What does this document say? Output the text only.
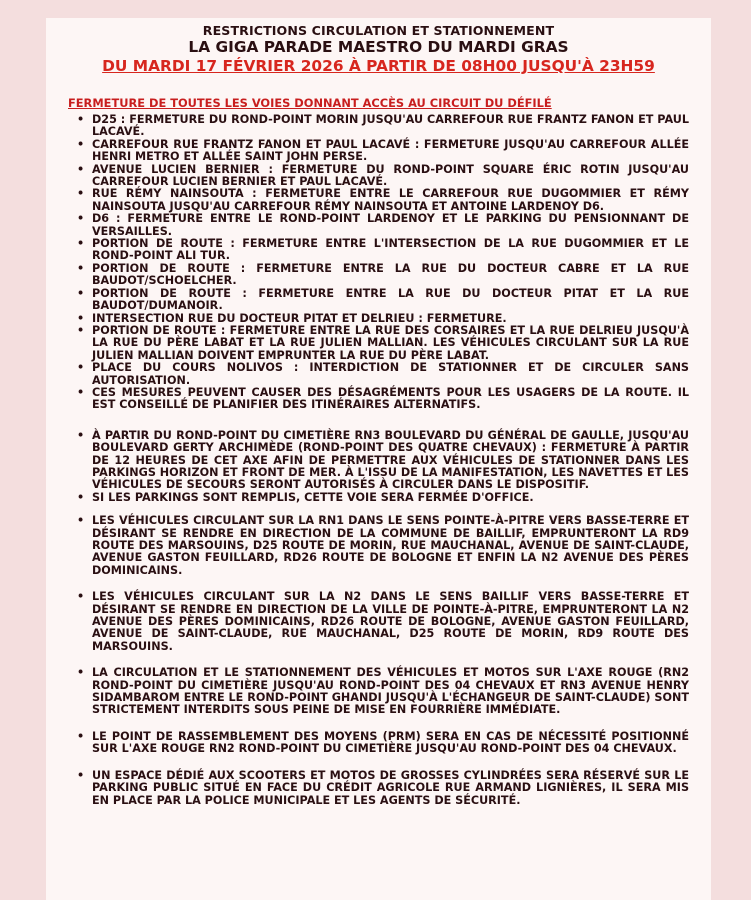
RESTRICTIONS CIRCULATION ET STATIONNEMENT
LA GIGA PARADE MAESTRO DU MARDI GRAS
DU MARDI 17 FÉVRIER 2026 À PARTIR DE 08H00 JUSQU'À 23H59
FERMETURE DE TOUTES LES VOIES DONNANT ACCÈS AU CIRCUIT DU DÉFILÉ
• D25 : FERMETURE DU ROND-POINT MORIN JUSQU'AU CARREFOUR RUE FRANTZ FANON ET PAUL LACAVÉ.
• CARREFOUR RUE FRANTZ FANON ET PAUL LACAVÉ : FERMETURE JUSQU'AU CARREFOUR ALLÉE HENRI METRO ET ALLÉE SAINT JOHN PERSE.
• AVENUE LUCIEN BERNIER : FERMETURE DU ROND-POINT SQUARE ÉRIC ROTIN JUSQU'AU CARREFOUR LUCIEN BERNIER ET PAUL LACAVÉ.
• RUE RÉMY NAINSOUTA : FERMETURE ENTRE LE CARREFOUR RUE DUGOMMIER ET RÉMY NAINSOUTA JUSQU'AU CARREFOUR RÉMY NAINSOUTA ET ANTOINE LARDENOY D6.
• D6 : FERMETURE ENTRE LE ROND-POINT LARDENOY ET LE PARKING DU PENSIONNANT DE VERSAILLES.
• PORTION DE ROUTE : FERMETURE ENTRE L'INTERSECTION DE LA RUE DUGOMMIER ET LE ROND-POINT ALI TUR.
• PORTION DE ROUTE : FERMETURE ENTRE LA RUE DU DOCTEUR CABRE ET LA RUE BAUDOT/SCHOELCHER.
• PORTION DE ROUTE : FERMETURE ENTRE LA RUE DU DOCTEUR PITAT ET LA RUE BAUDOT/DUMANOIR.
• INTERSECTION RUE DU DOCTEUR PITAT ET DELRIEU : FERMETURE.
• PORTION DE ROUTE : FERMETURE ENTRE LA RUE DES CORSAIRES ET LA RUE DELRIEU JUSQU'À LA RUE DU PÈRE LABAT ET LA RUE JULIEN MALLIAN. LES VÉHICULES CIRCULANT SUR LA RUE JULIEN MALLIAN DOIVENT EMPRUNTER LA RUE DU PÈRE LABAT.
• PLACE DU COURS NOLIVOS : INTERDICTION DE STATIONNER ET DE CIRCULER SANS AUTORISATION.
• CES MESURES PEUVENT CAUSER DES DÉSAGRÉMENTS POUR LES USAGERS DE LA ROUTE. IL EST CONSEILLÉ DE PLANIFIER DES ITINÉRAIRES ALTERNATIFS.
• À PARTIR DU ROND-POINT DU CIMETIÈRE RN3 BOULEVARD DU GÉNÉRAL DE GAULLE, JUSQU'AU BOULEVARD GERTY ARCHIMÈDE (ROND-POINT DES QUATRE CHEVAUX) : FERMETURE À PARTIR DE 12 HEURES DE CET AXE AFIN DE PERMETTRE AUX VÉHICULES DE STATIONNER DANS LES PARKINGS HORIZON ET FRONT DE MER. À L'ISSU DE LA MANIFESTATION, LES NAVETTES ET LES VÉHICULES DE SECOURS SERONT AUTORISÉS À CIRCULER DANS LE DISPOSITIF.
• SI LES PARKINGS SONT REMPLIS, CETTE VOIE SERA FERMÉE D'OFFICE.
• LES VÉHICULES CIRCULANT SUR LA RN1 DANS LE SENS POINTE-À-PITRE VERS BASSE-TERRE ET DÉSIRANT SE RENDRE EN DIRECTION DE LA COMMUNE DE BAILLIF, EMPRUNTERONT LA RD9 ROUTE DES MARSOUINS, D25 ROUTE DE MORIN, RUE MAUCHANAL, AVENUE DE SAINT-CLAUDE, AVENUE GASTON FEUILLARD, RD26 ROUTE DE BOLOGNE ET ENFIN LA N2 AVENUE DES PÈRES DOMINICAINS.
• LES VÉHICULES CIRCULANT SUR LA N2 DANS LE SENS BAILLIF VERS BASSE-TERRE ET DÉSIRANT SE RENDRE EN DIRECTION DE LA VILLE DE POINTE-À-PITRE, EMPRUNTERONT LA N2 AVENUE DES PÈRES DOMINICAINS, RD26 ROUTE DE BOLOGNE, AVENUE GASTON FEUILLARD, AVENUE DE SAINT-CLAUDE, RUE MAUCHANAL, D25 ROUTE DE MORIN, RD9 ROUTE DES MARSOUINS.
• LA CIRCULATION ET LE STATIONNEMENT DES VÉHICULES ET MOTOS SUR L'AXE ROUGE (RN2 ROND-POINT DU CIMETIÈRE JUSQU'AU ROND-POINT DES 04 CHEVAUX ET RN3 AVENUE HENRY SIDAMBAROM ENTRE LE ROND-POINT GHANDI JUSQU'À L'ÉCHANGEUR DE SAINT-CLAUDE) SONT STRICTEMENT INTERDITS SOUS PEINE DE MISE EN FOURRIÈRE IMMÉDIATE.
• LE POINT DE RASSEMBLEMENT DES MOYENS (PRM) SERA EN CAS DE NÉCESSITÉ POSITIONNÉ SUR L'AXE ROUGE RN2 ROND-POINT DU CIMETIÈRE JUSQU'AU ROND-POINT DES 04 CHEVAUX.
• UN ESPACE DÉDIÉ AUX SCOOTERS ET MOTOS DE GROSSES CYLINDRÉES SERA RÉSERVÉ SUR LE PARKING PUBLIC SITUÉ EN FACE DU CRÉDIT AGRICOLE RUE ARMAND LIGNIÈRES, IL SERA MIS EN PLACE PAR LA POLICE MUNICIPALE ET LES AGENTS DE SÉCURITÉ.
